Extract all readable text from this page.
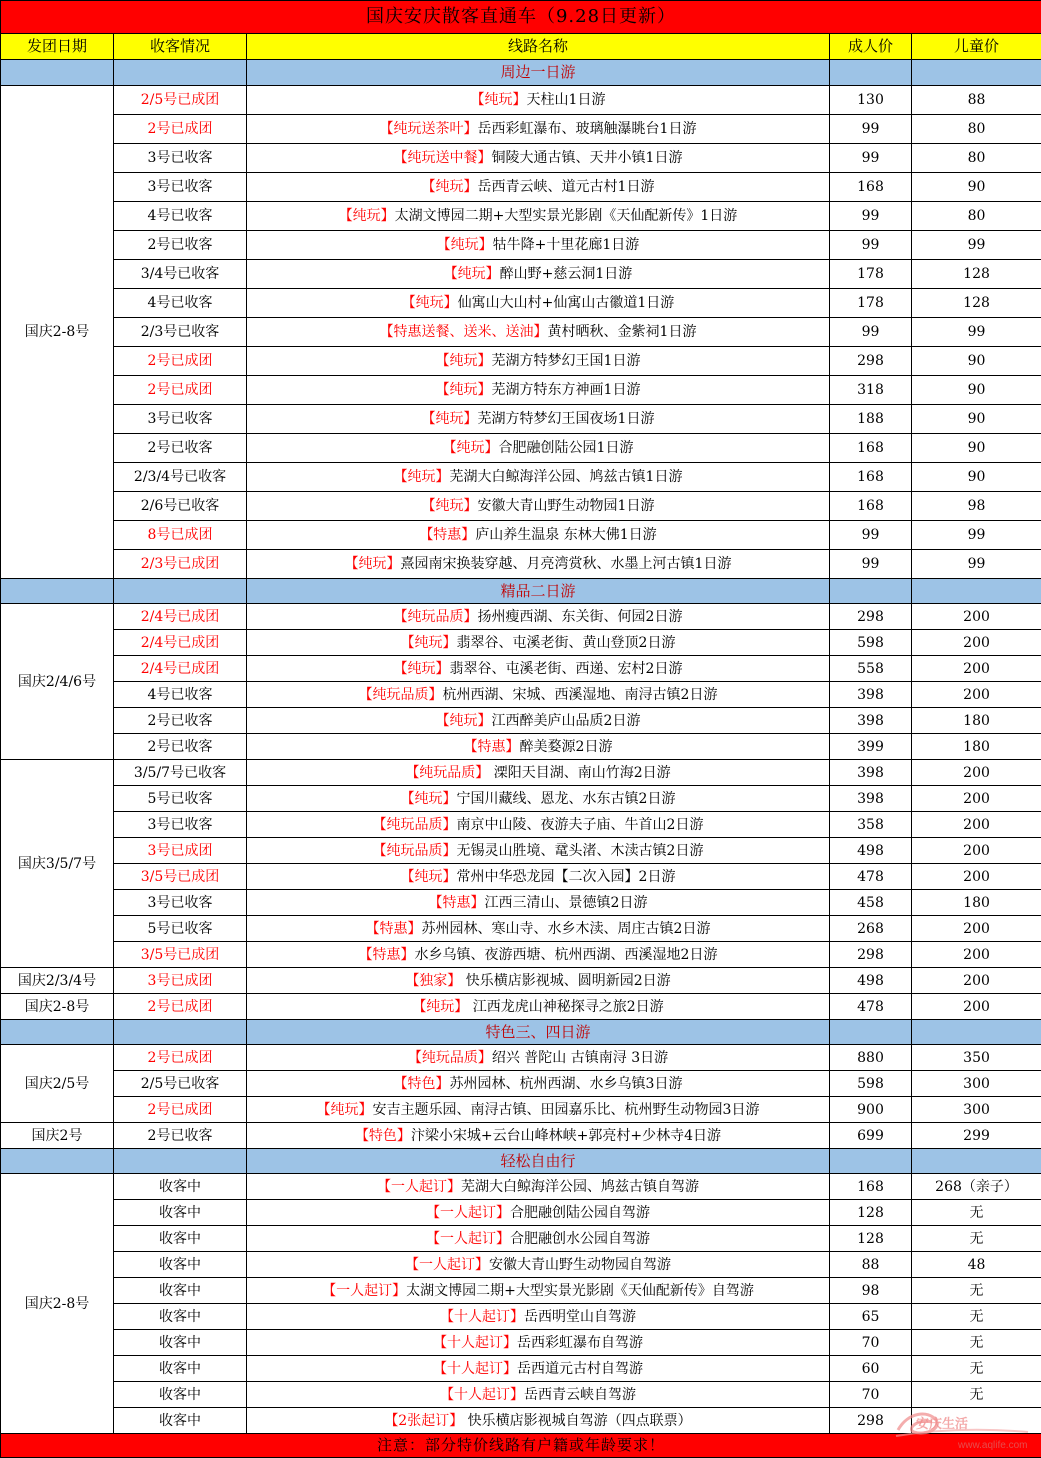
国庆安庆散客直通车（9.28日更新）				
发团日期	收客情况	线路名称	成人价	儿童价
		周边一日游		
国庆2-8号	2/5号已成团	【纯玩】天柱山1日游	130	88
	2号已成团	【纯玩送茶叶】岳西彩虹瀑布、玻璃触瀑眺台1日游	99	80
	3号已收客	【纯玩送中餐】铜陵大通古镇、天井小镇1日游	99	80
	3号已收客	【纯玩】岳西青云峡、道元古村1日游	168	90
	4号已收客	【纯玩】太湖文博园二期+大型实景光影剧《天仙配新传》1日游	99	80
	2号已收客	【纯玩】牯牛降+十里花廊1日游	99	99
	3/4号已收客	【纯玩】醉山野+慈云洞1日游	178	128
	4号已收客	【纯玩】仙寓山大山村+仙寓山古徽道1日游	178	128
	2/3号已收客	【特惠送餐、送米、送油】黄村晒秋、金紫祠1日游	99	99
	2号已成团	【纯玩】芜湖方特梦幻王国1日游	298	90
	2号已成团	【纯玩】芜湖方特东方神画1日游	318	90
	3号已收客	【纯玩】芜湖方特梦幻王国夜场1日游	188	90
	2号已收客	【纯玩】合肥融创陆公园1日游	168	90
	2/3/4号已收客	【纯玩】芜湖大白鲸海洋公园、鸠兹古镇1日游	168	90
	2/6号已收客	【纯玩】安徽大青山野生动物园1日游	168	98
	8号已成团	【特惠】庐山养生温泉 东林大佛1日游	99	99
	2/3号已成团	【纯玩】熹园南宋换装穿越、月亮湾赏秋、水墨上河古镇1日游	99	99
		精品二日游		
国庆2/4/6号	2/4号已成团	【纯玩品质】扬州瘦西湖、东关街、何园2日游	298	200
	2/4号已成团	【纯玩】翡翠谷、屯溪老街、黄山登顶2日游	598	200
	2/4号已成团	【纯玩】翡翠谷、屯溪老街、西递、宏村2日游	558	200
	4号已收客	【纯玩品质】杭州西湖、宋城、西溪湿地、南浔古镇2日游	398	200
	2号已收客	【纯玩】江西醉美庐山品质2日游	398	180
	2号已收客	【特惠】醉美婺源2日游	399	180
国庆3/5/7号	3/5/7号已收客	【纯玩品质】 溧阳天目湖、南山竹海2日游	398	200
	5号已收客	【纯玩】宁国川藏线、恩龙、水东古镇2日游	398	200
	3号已收客	【纯玩品质】南京中山陵、夜游夫子庙、牛首山2日游	358	200
	3号已成团	【纯玩品质】无锡灵山胜境、鼋头渚、木渎古镇2日游	498	200
	3/5号已成团	【纯玩】常州中华恐龙园【二次入园】2日游	478	200
	3号已收客	【特惠】江西三清山、景德镇2日游	458	180
	5号已收客	【特惠】苏州园林、寒山寺、水乡木渎、周庄古镇2日游	268	200
	3/5号已成团	【特惠】水乡乌镇、夜游西塘、杭州西湖、西溪湿地2日游	298	200
国庆2/3/4号	3号已成团	【独家】 快乐横店影视城、圆明新园2日游	498	200
国庆2-8号	2号已成团	【纯玩】 江西龙虎山神秘探寻之旅2日游	478	200
		特色三、四日游		
国庆2/5号	2号已成团	【纯玩品质】绍兴 普陀山 古镇南浔 3日游	880	350
	2/5号已收客	【特色】苏州园林、杭州西湖、水乡乌镇3日游	598	300
	2号已成团	【纯玩】安吉主题乐园、南浔古镇、田园嘉乐比、杭州野生动物园3日游	900	300
国庆2号	2号已收客	【特色】汴梁小宋城+云台山峰林峡+郭亮村+少林寺4日游	699	299
		轻松自由行		
国庆2-8号	收客中	【一人起订】芜湖大白鲸海洋公园、鸠兹古镇自驾游	168	268（亲子）
	收客中	【一人起订】合肥融创陆公园自驾游	128	无
	收客中	【一人起订】合肥融创水公园自驾游	128	无
	收客中	【一人起订】安徽大青山野生动物园自驾游	88	48
	收客中	【一人起订】太湖文博园二期+大型实景光影剧《天仙配新传》自驾游	98	无
	收客中	【十人起订】岳西明堂山自驾游	65	无
	收客中	【十人起订】岳西彩虹瀑布自驾游	70	无
	收客中	【十人起订】岳西道元古村自驾游	60	无
	收客中	【十人起订】岳西青云峡自驾游	70	无
	收客中	【2张起订】 快乐横店影视城自驾游（四点联票）	298	
注意：部分特价线路有户籍或年龄要求！				
安庆生活
www.aqlife.com
